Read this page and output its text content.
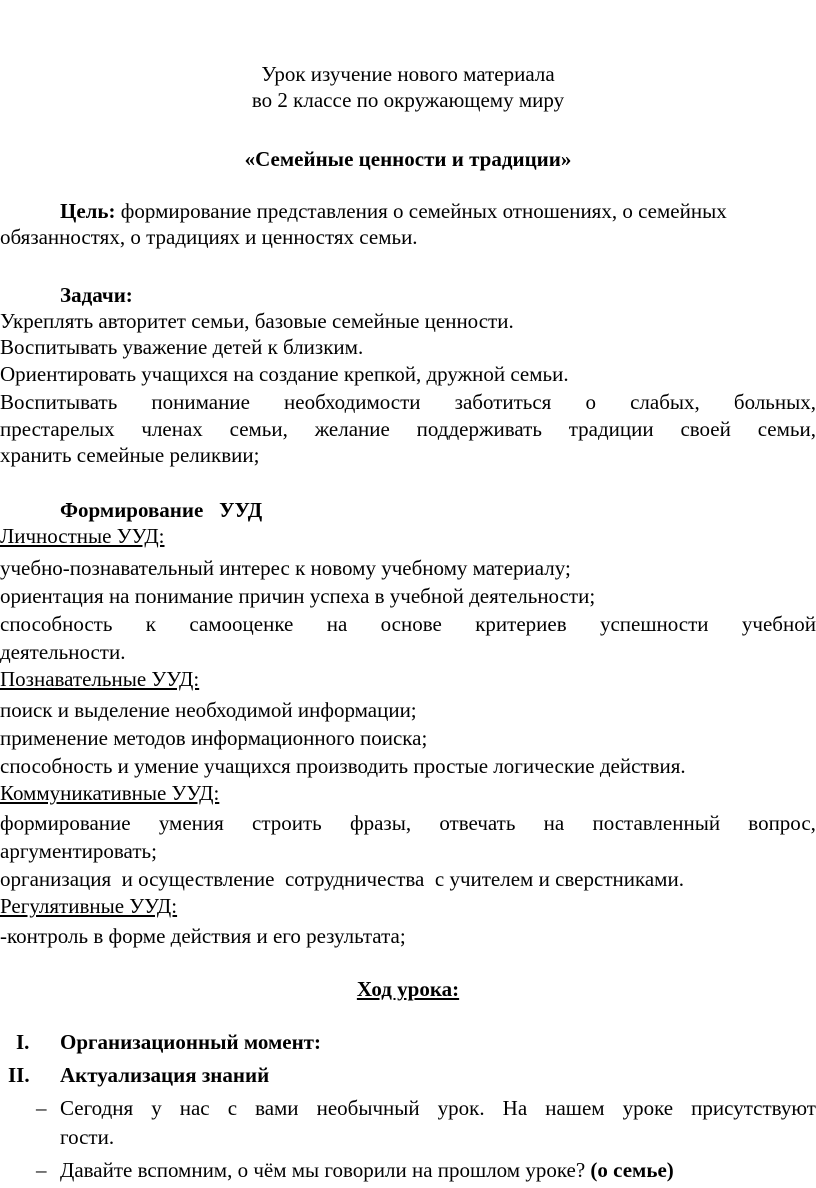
Урок изучение нового материала
во 2 классе по окружающему миру
«Семейные ценности и традиции»
Цель: формирование представления о семейных отношениях, о семейных
обязанностях, о традициях и ценностях семьи.
Задачи:
Укреплять авторитет семьи, базовые семейные ценности.
Воспитывать уважение детей к близким.
Ориентировать учащихся на создание крепкой, дружной семьи.
Воспитывать понимание необходимости заботиться о слабых, больных,
престарелых членах семьи, желание поддерживать традиции своей семьи,
хранить семейные реликвии;
Формирование   УУД
Личностные УУД:
учебно-познавательный интерес к новому учебному материалу;
ориентация на понимание причин успеха в учебной деятельности;
способность к самооценке на основе критериев успешности учебной
деятельности.
Познавательные УУД:
поиск и выделение необходимой информации;
применение методов информационного поиска;
способность и умение учащихся производить простые логические действия.
Коммуникативные УУД:
формирование умения строить фразы, отвечать на поставленный вопрос,
аргументировать;
организация  и осуществление  сотрудничества  с учителем и сверстниками.
Регулятивные УУД:
-контроль в форме действия и его результата;
Ход урока:
I. Организационный момент:
II. Актуализация знаний
– Сегодня у нас с вами необычный урок. На нашем уроке присутствуют
гости.
– Давайте вспомним, о чём мы говорили на прошлом уроке? (о семье)
